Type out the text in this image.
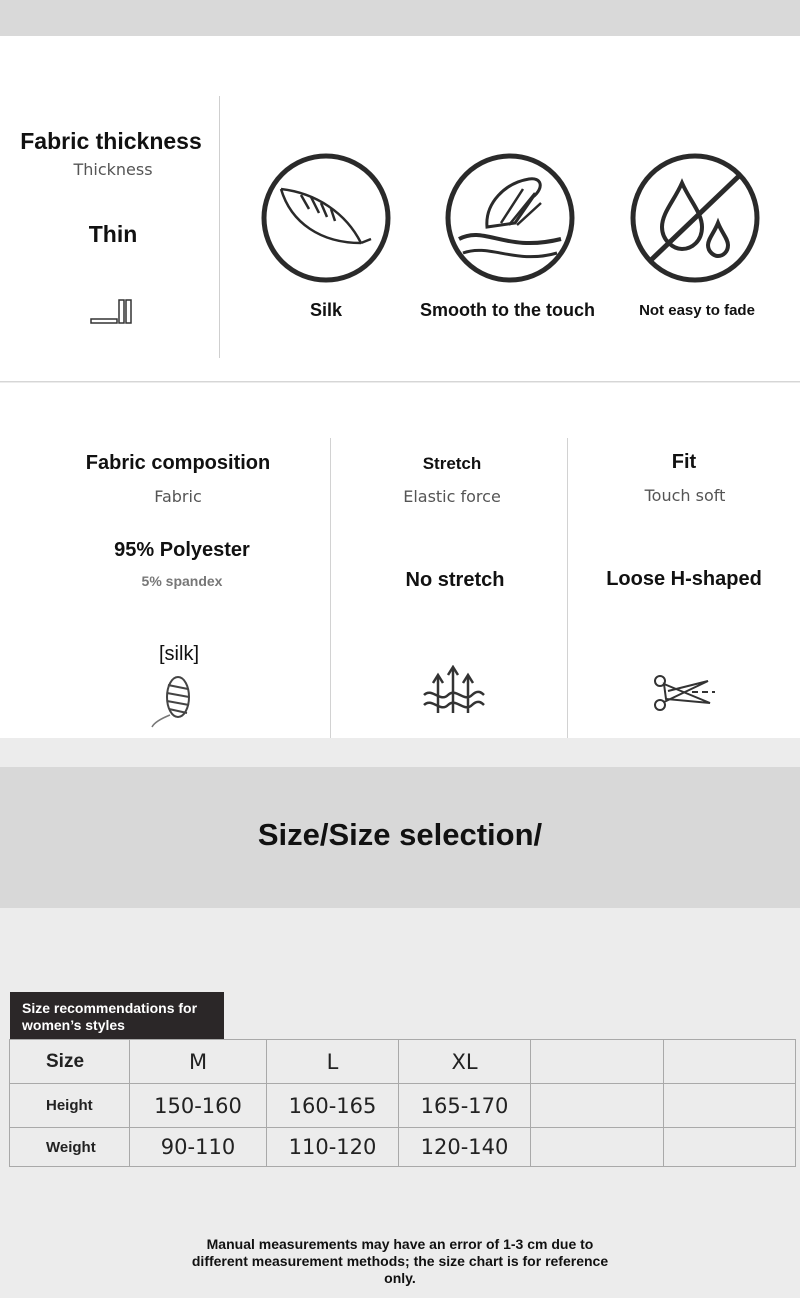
Fabric thickness
Thickness
Thin
Silk	Smooth to the touch	Not easy to fade
Fabric composition
Fabric
95% Polyester
5% spandex
[silk]
Stretch
Elastic force
No stretch
Fit
Touch soft
Loose H-shaped
Size/Size selection/
Size recommendations for women’s styles
Size	M	L	XL		
Height	150-160	160-165	165-170		
Weight	90-110	110-120	120-140		
Manual measurements may have an error of 1-3 cm due to different measurement methods; the size chart is for reference only.
